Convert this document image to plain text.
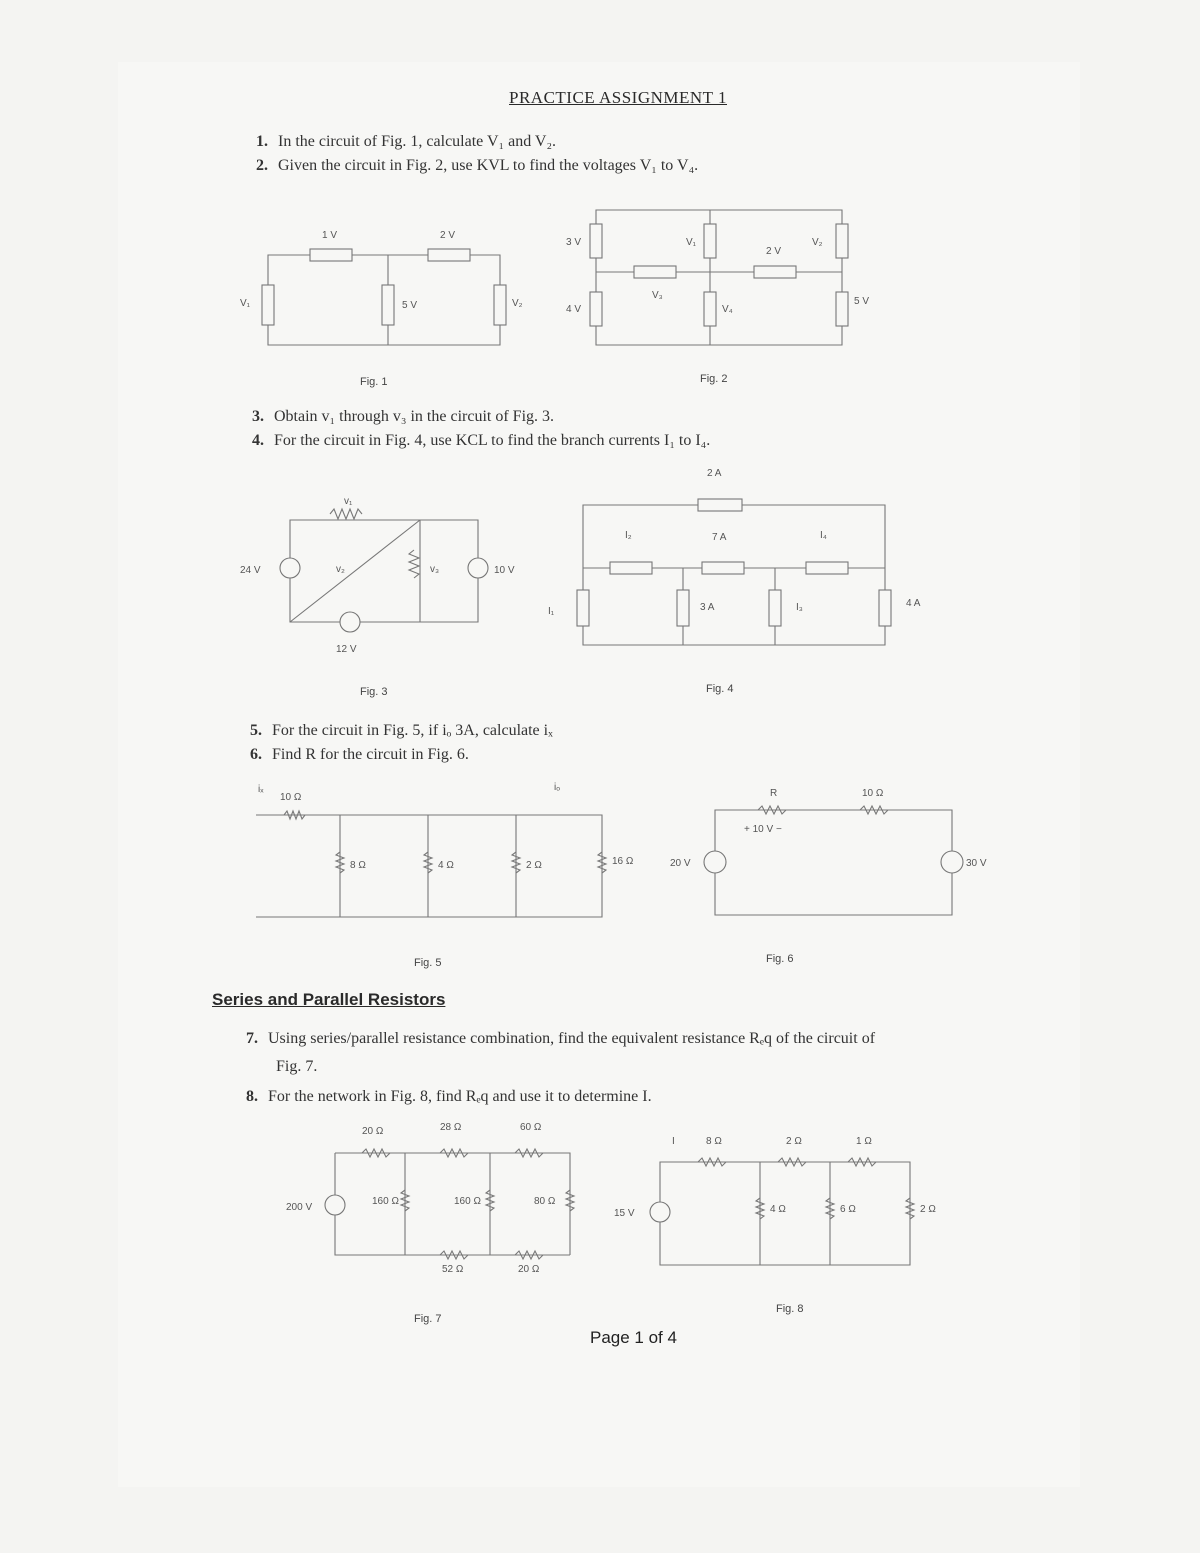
PRACTICE ASSIGNMENT 1
1. In the circuit of Fig. 1, calculate V₁ and V₂.
2. Given the circuit in Fig. 2, use KVL to find the voltages V₁ to V₄.
3. Obtain v₁ through v₃ in the circuit of Fig. 3.
4. For the circuit in Fig. 4, use KCL to find the branch currents I₁ to I₄.
5. For the circuit in Fig. 5, if iₒ 3A, calculate iₓ
6. Find R for the circuit in Fig. 6.
Series and Parallel Resistors
7. Using series/parallel resistance combination, find the equivalent resistance Rₑq of the circuit of
Fig. 7.
8. For the network in Fig. 8, find Rₑq and use it to determine I.
Page 1 of 4
1 V	2 V
5 V
V₁	V₂
Fig. 1
3 V	V₁	V₂
2 V
4 V
V₃
V₄
5 V
Fig. 2
24 V
v₁
v₂	v₃	10 V
12 V
Fig. 3
2 A
7 A
I₂	I₄
I₁	3 A	I₃	4 A
Fig. 4
iₓ
10 Ω
iₒ
8 Ω	4 Ω	2 Ω	16 Ω
Fig. 5
R	10 Ω
+ 10 V −
20 V	30 V
Fig. 6
20 Ω	28 Ω	60 Ω
200 V
160 Ω	160 Ω	80 Ω
52 Ω	20 Ω
Fig. 7
I	8 Ω	2 Ω	1 Ω
15 V	4 Ω	6 Ω	2 Ω
Fig. 8
